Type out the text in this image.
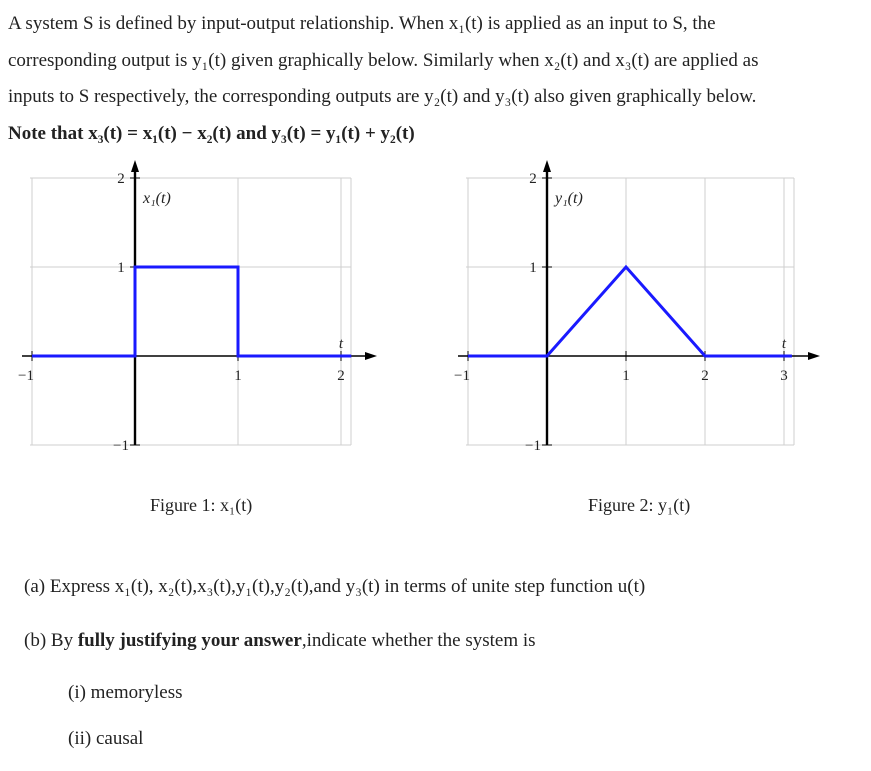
A system S is defined by input-output relationship. When x₁(t) is applied as an input to S, the
corresponding output is y₁(t) given graphically below. Similarly when x₂(t) and x₃(t) are applied as
inputs to S respectively, the corresponding outputs are y₂(t) and y₃(t) also given graphically below.
Note that x₃(t) = x₁(t) − x₂(t) and y₃(t) = y₁(t) + y₂(t)
−1	1	2
−1
1
2
t
x₁(t)
Figure 1: x₁(t)
−1	1	2	3
−1
1
2
t
y₁(t)
Figure 2: y₁(t)
(a) Express x₁(t), x₂(t),x₃(t),y₁(t),y₂(t),and y₃(t) in terms of unite step function u(t)
(b) By fully justifying your answer,indicate whether the system is
(i) memoryless
(ii) causal
